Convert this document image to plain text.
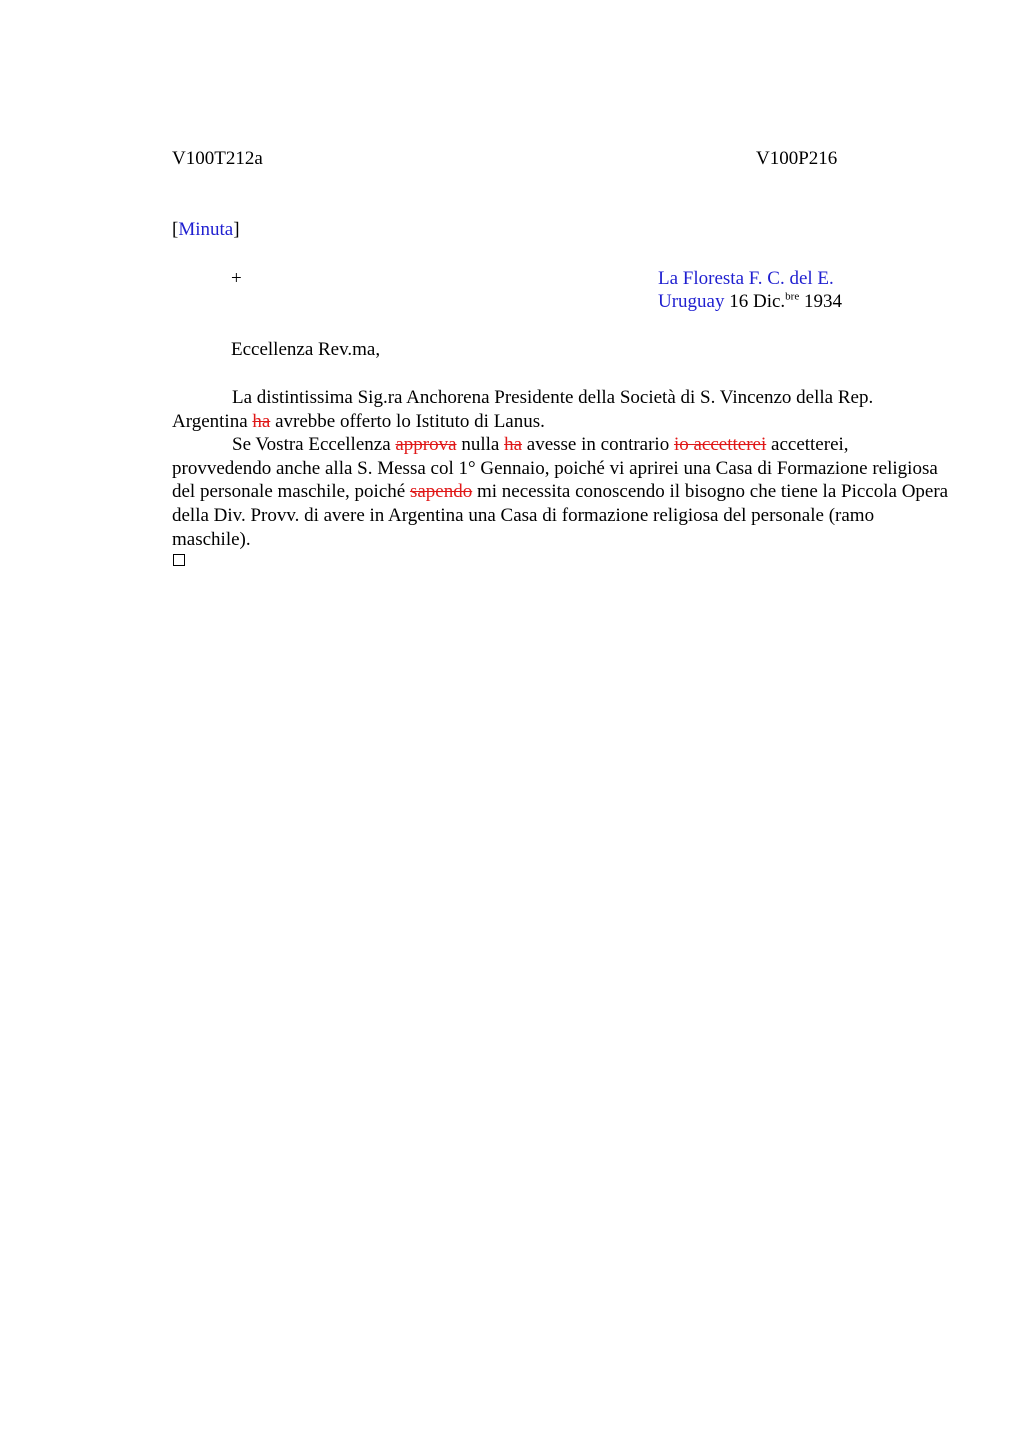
V100T212a	V100P216
[Minuta]
+	La Floresta F. C. del E.
Uruguay 16 Dic.$^{bre}$ 1934
Eccellenza Rev.ma,

La distintissima Sig.ra Anchorena Presidente della Società di S. Vincenzo della Rep. Argentina ha avrebbe offerto lo Istituto di Lanus.

Se Vostra Eccellenza approva nulla ha avesse in contrario io accetterei accetterei, provvedendo anche alla S. Messa col 1° Gennaio, poiché vi aprirei una Casa di Formazione religiosa del personale maschile, poiché sapendo mi necessita conoscendo il bisogno che tiene la Piccola Opera della Div. Provv. di avere in Argentina una Casa di formazione religiosa del personale (ramo maschile).
